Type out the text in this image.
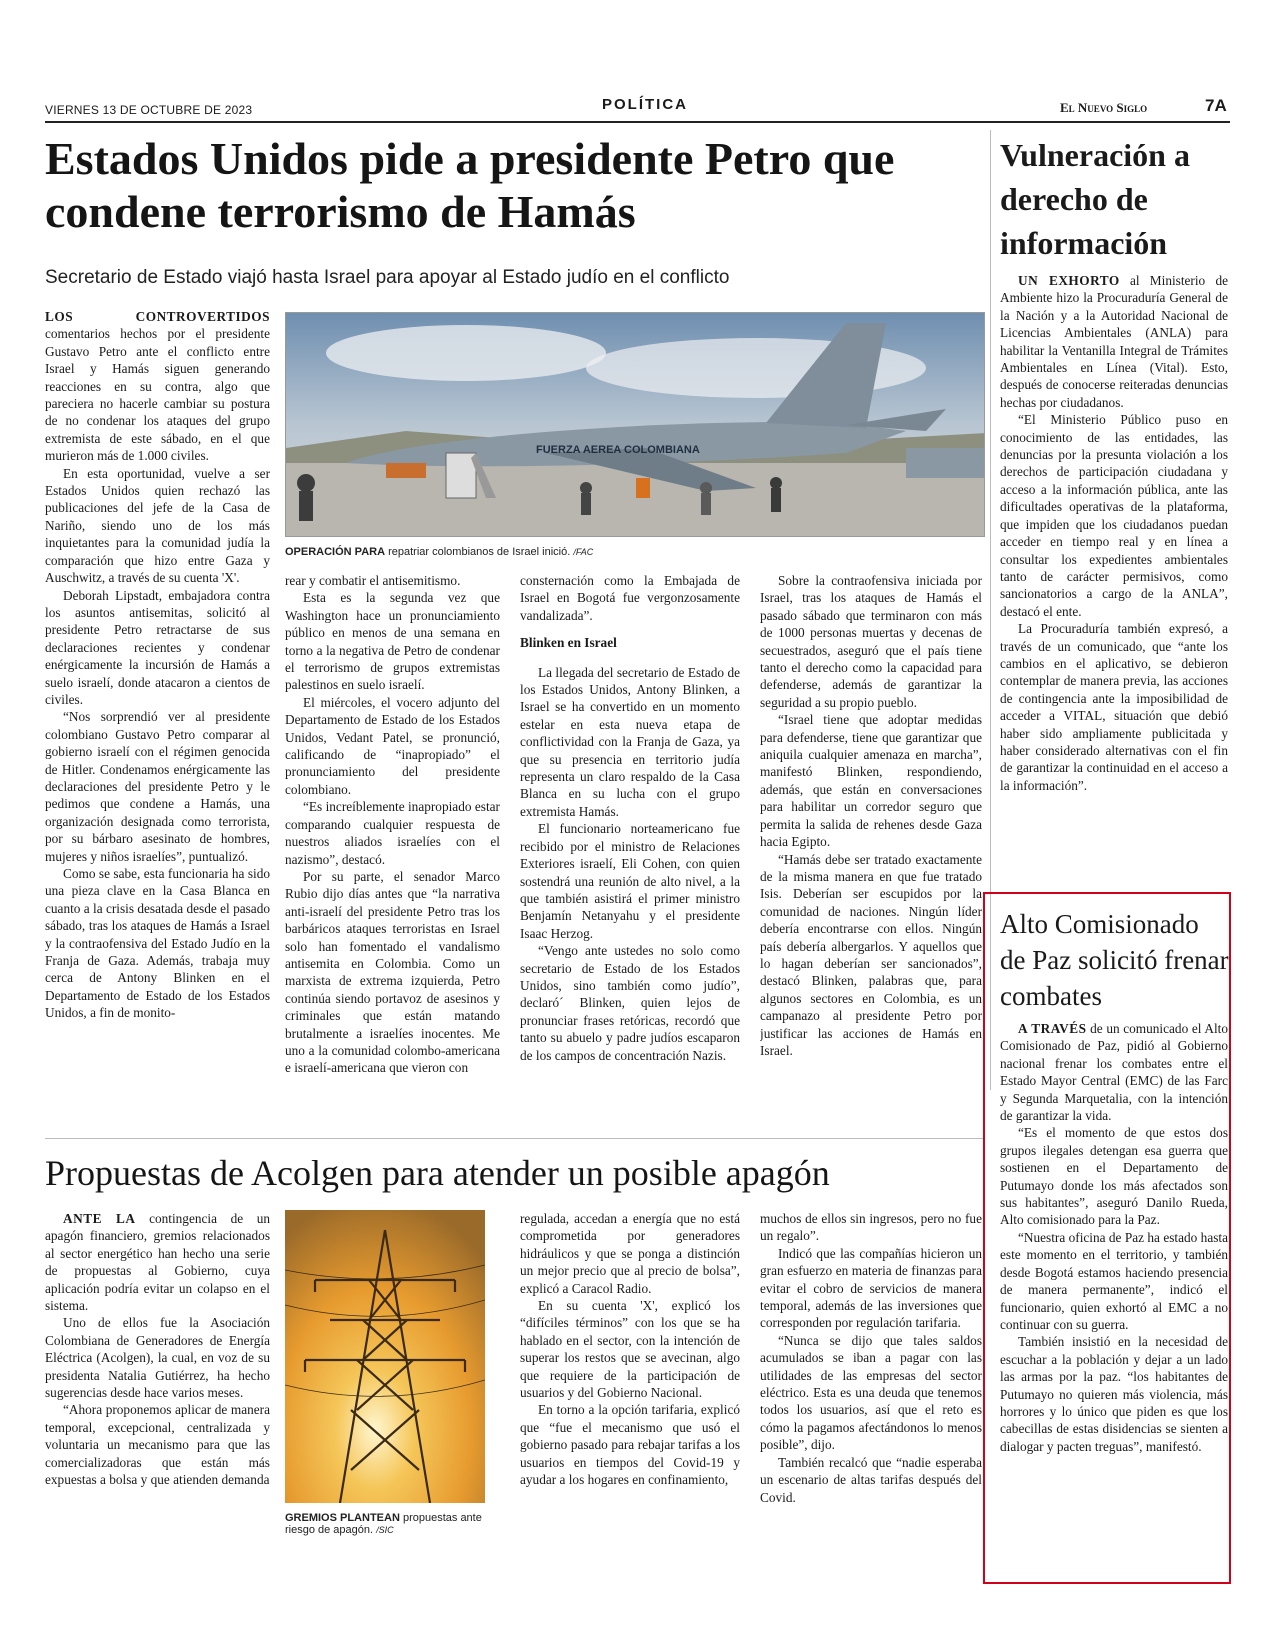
VIERNES 13 DE OCTUBRE DE 2023	POLÍTICA	El Nuevo Siglo	7A
Estados Unidos pide a presidente Petro que condene terrorismo de Hamás
Secretario de Estado viajó hasta Israel para apoyar al Estado judío en el conflicto

LOS CONTROVERTIDOS comentarios hechos por el presidente Gustavo Petro ante el conflicto entre Israel y Hamás siguen generando reacciones en su contra, algo que pareciera no hacerle cambiar su postura de no condenar los ataques del grupo extremista de este sábado, en el que murieron más de 1.000 civiles.

En esta oportunidad, vuelve a ser Estados Unidos quien rechazó las publicaciones del jefe de la Casa de Nariño, siendo uno de los más inquietantes para la comunidad judía la comparación que hizo entre Gaza y Auschwitz, a través de su cuenta 'X'.

Deborah Lipstadt, embajadora contra los asuntos antisemitas, solicitó al presidente Petro retractarse de sus declaraciones recientes y condenar enérgicamente la incursión de Hamás a suelo israelí, donde atacaron a cientos de civiles.

“Nos sorprendió ver al presidente colombiano Gustavo Petro comparar al gobierno israelí con el régimen genocida de Hitler. Condenamos enérgicamente las declaraciones del presidente Petro y le pedimos que condene a Hamás, una organización designada como terrorista, por su bárbaro asesinato de hombres, mujeres y niños israelíes”, puntualizó.

Como se sabe, esta funcionaria ha sido una pieza clave en la Casa Blanca en cuanto a la crisis desatada desde el pasado sábado, tras los ataques de Hamás a Israel y la contraofensiva del Estado Judío en la Franja de Gaza. Además, trabaja muy cerca de Antony Blinken en el Departamento de Estado de los Estados Unidos, a fin de monito-

FUERZA AEREA COLOMBIANA
OPERACIÓN PARA repatriar colombianos de Israel inició. /FAC

rear y combatir el antisemitismo.

Esta es la segunda vez que Washington hace un pronunciamiento público en menos de una semana en torno a la negativa de Petro de condenar el terrorismo de grupos extremistas palestinos en suelo israelí.

El miércoles, el vocero adjunto del Departamento de Estado de los Estados Unidos, Vedant Patel, se pronunció, calificando de “inapropiado” el pronunciamiento del presidente colombiano.

“Es increíblemente inapropiado estar comparando cualquier respuesta de nuestros aliados israelíes con el nazismo”, destacó.

Por su parte, el senador Marco Rubio dijo días antes que “la narrativa anti-israelí del presidente Petro tras los barbáricos ataques terroristas en Israel solo han fomentado el vandalismo antisemita en Colombia. Como un marxista de extrema izquierda, Petro continúa siendo portavoz de asesinos y criminales que están matando brutalmente a israelíes inocentes. Me uno a la comunidad colombo-americana e israelí-americana que vieron con

consternación como la Embajada de Israel en Bogotá fue vergonzosamente vandalizada”.

Blinken en Israel

La llegada del secretario de Estado de los Estados Unidos, Antony Blinken, a Israel se ha convertido en un momento estelar en esta nueva etapa de conflictividad con la Franja de Gaza, ya que su presencia en territorio judía representa un claro respaldo de la Casa Blanca en su lucha con el grupo extremista Hamás.

El funcionario norteamericano fue recibido por el ministro de Relaciones Exteriores israelí, Eli Cohen, con quien sostendrá una reunión de alto nivel, a la que también asistirá el primer ministro Benjamín Netanyahu y el presidente Isaac Herzog.

“Vengo ante ustedes no solo como secretario de Estado de los Estados Unidos, sino también como judío”, declaró´ Blinken, quien lejos de pronunciar frases retóricas, recordó que tanto su abuelo y padre judíos escaparon de los campos de concentración Nazis.

Sobre la contraofensiva iniciada por Israel, tras los ataques de Hamás el pasado sábado que terminaron con más de 1000 personas muertas y decenas de secuestrados, aseguró que el país tiene tanto el derecho como la capacidad para defenderse, además de garantizar la seguridad a su propio pueblo.

“Israel tiene que adoptar medidas para defenderse, tiene que garantizar que aniquila cualquier amenaza en marcha”, manifestó Blinken, respondiendo, además, que están en conversaciones para habilitar un corredor seguro que permita la salida de rehenes desde Gaza hacia Egipto.

“Hamás debe ser tratado exactamente de la misma manera en que fue tratado Isis. Deberían ser escupidos por la comunidad de naciones. Ningún líder debería encontrarse con ellos. Ningún país debería albergarlos. Y aquellos que lo hagan deberían ser sancionados”, destacó Blinken, palabras que, para algunos sectores en Colombia, es un campanazo al presidente Petro por justificar las acciones de Hamás en Israel.

Vulneración a derecho de información

UN EXHORTO al Ministerio de Ambiente hizo la Procuraduría General de la Nación y a la Autoridad Nacional de Licencias Ambientales (ANLA) para habilitar la Ventanilla Integral de Trámites Ambientales en Línea (Vital). Esto, después de conocerse reiteradas denuncias hechas por ciudadanos.

“El Ministerio Público puso en conocimiento de las entidades, las denuncias por la presunta violación a los derechos de participación ciudadana y acceso a la información pública, ante las dificultades operativas de la plataforma, que impiden que los ciudadanos puedan acceder en tiempo real y en línea a consultar los expedientes ambientales tanto de carácter permisivos, como sancionatorios a cargo de la ANLA”, destacó el ente.

La Procuraduría también expresó, a través de un comunicado, que “ante los cambios en el aplicativo, se debieron contemplar de manera previa, las acciones de contingencia ante la imposibilidad de acceder a VITAL, situación que debió haber sido ampliamente publicitada y haber considerado alternativas con el fin de garantizar la continuidad en el acceso a la información”.

Alto Comisionado de Paz solicitó frenar combates

A TRAVÉS de un comunicado el Alto Comisionado de Paz, pidió al Gobierno nacional frenar los combates entre el Estado Mayor Central (EMC) de las Farc y Segunda Marquetalia, con la intención de garantizar la vida.

“Es el momento de que estos dos grupos ilegales detengan esa guerra que sostienen en el Departamento de Putumayo donde los más afectados son sus habitantes”, aseguró Danilo Rueda, Alto comisionado para la Paz.

“Nuestra oficina de Paz ha estado hasta este momento en el territorio, y también desde Bogotá estamos haciendo presencia de manera permanente”, indicó el funcionario, quien exhortó al EMC a no continuar con su guerra.

También insistió en la necesidad de escuchar a la población y dejar a un lado las armas por la paz. “los habitantes de Putumayo no quieren más violencia, más horrores y lo único que piden es que los cabecillas de estas disidencias se sienten a dialogar y pacten treguas”, manifestó.

Propuestas de Acolgen para atender un posible apagón

ANTE LA contingencia de un apagón financiero, gremios relacionados al sector energético han hecho una serie de propuestas al Gobierno, cuya aplicación podría evitar un colapso en el sistema.

Uno de ellos fue la Asociación Colombiana de Generadores de Energía Eléctrica (Acolgen), la cual, en voz de su presidenta Natalia Gutiérrez, ha hecho sugerencias desde hace varios meses.

“Ahora proponemos aplicar de manera temporal, excepcional, centralizada y voluntaria un mecanismo para que las comercializadoras que están más expuestas a bolsa y que atienden demanda

GREMIOS PLANTEAN propuestas ante riesgo de apagón. /SIC

regulada, accedan a energía que no está comprometida por generadores hidráulicos y que se ponga a distinción un mejor precio que al precio de bolsa”, explicó a Caracol Radio.

En su cuenta 'X', explicó los “difíciles términos” con los que se ha hablado en el sector, con la intención de superar los restos que se avecinan, algo que requiere de la participación de usuarios y del Gobierno Nacional.

En torno a la opción tarifaria, explicó que “fue el mecanismo que usó el gobierno pasado para rebajar tarifas a los usuarios en tiempos del Covid-19 y ayudar a los hogares en confinamiento,

muchos de ellos sin ingresos, pero no fue un regalo”.

Indicó que las compañías hicieron un gran esfuerzo en materia de finanzas para evitar el cobro de servicios de manera temporal, además de las inversiones que corresponden por regulación tarifaria.

“Nunca se dijo que tales saldos acumulados se iban a pagar con las utilidades de las empresas del sector eléctrico. Esta es una deuda que tenemos todos los usuarios, así que el reto es cómo la pagamos afectándonos lo menos posible”, dijo.

También recalcó que “nadie esperaba un escenario de altas tarifas después del Covid.
